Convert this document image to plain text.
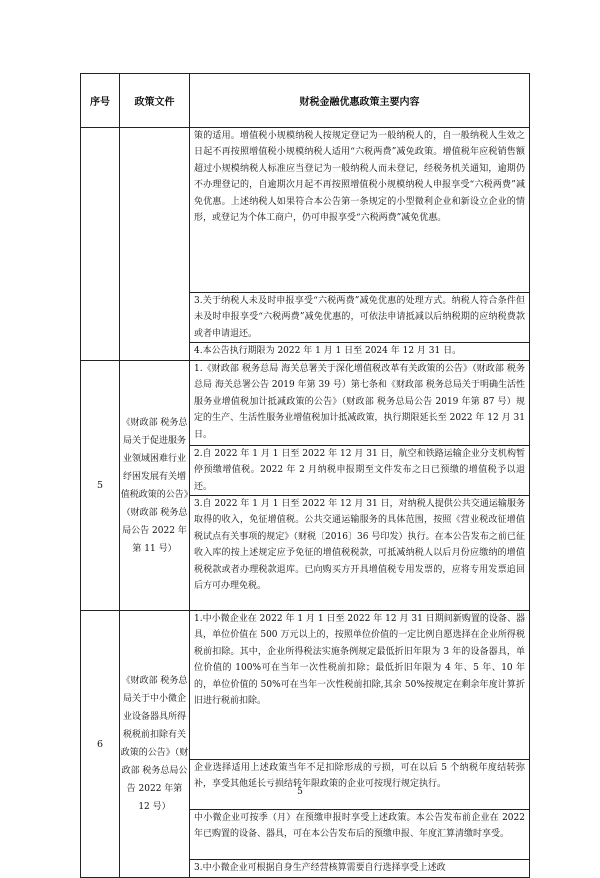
序号	政策文件	财税金融优惠政策主要内容

		策的适用。增值税小规模纳税人按规定登记为一般纳税人的，自一般纳税人生效之日起不再按照增值税小规模纳税人适用“六税两费”减免政策。增值税年应税销售额超过小规模纳税人标准应当登记为一般纳税人而未登记，经税务机关通知，逾期仍不办理登记的，自逾期次月起不再按照增值税小规模纳税人申报享受“六税两费”减免优惠。上述纳税人如果符合本公告第一条规定的小型微利企业和新设立企业的情形，或登记为个体工商户，仍可申报享受“六税两费”减免优惠。
3.关于纳税人未及时申报享受“六税两费”减免优惠的处理方式。纳税人符合条件但未及时申报享受“六税两费”减免优惠的，可依法申请抵减以后纳税期的应纳税费款或者申请退还。
4.本公告执行期限为 2022 年 1 月 1 日至 2024 年 12 月 31 日。

5	《财政部 税务总局关于促进服务业领域困难行业纾困发展有关增值税政策的公告》（财政部 税务总局公告 2022 年第 11 号）	1.《财政部 税务总局 海关总署关于深化增值税改革有关政策的公告》（财政部 税务总局 海关总署公告 2019 年第 39 号）第七条和《财政部 税务总局关于明确生活性服务业增值税加计抵减政策的公告》（财政部 税务总局公告 2019 年第 87 号）规定的生产、生活性服务业增值税加计抵减政策，执行期限延长至 2022 年 12 月 31 日。
2.自 2022 年 1 月 1 日至 2022 年 12 月 31 日，航空和铁路运输企业分支机构暂停预缴增值税。2022 年 2 月纳税申报期至文件发布之日已预缴的增值税予以退还。
3.自 2022 年 1 月 1 日至 2022 年 12 月 31 日，对纳税人提供公共交通运输服务取得的收入，免征增值税。公共交通运输服务的具体范围，按照《营业税改征增值税试点有关事项的规定》（财税〔2016〕36 号印发）执行。在本公告发布之前已征收入库的按上述规定应予免征的增值税税款，可抵减纳税人以后月份应缴纳的增值税税款或者办理税款退库。已向购买方开具增值税专用发票的，应将专用发票追回后方可办理免税。

6	《财政部 税务总局关于中小微企业设备器具所得税税前扣除有关政策的公告》（财政部 税务总局公告 2022 年第 12 号）	1.中小微企业在 2022 年 1 月 1 日至 2022 年 12 月 31 日期间新购置的设备、器具，单位价值在 500 万元以上的，按照单位价值的一定比例自愿选择在企业所得税税前扣除。其中，企业所得税法实施条例规定最低折旧年限为 3 年的设备器具，单位价值的 100%可在当年一次性税前扣除；最低折旧年限为 4 年、5 年、10 年的，单位价值的 50%可在当年一次性税前扣除,其余 50%按规定在剩余年度计算折旧进行税前扣除。
企业选择适用上述政策当年不足扣除形成的亏损，可在以后 5 个纳税年度结转弥补，享受其他延长亏损结转年限政策的企业可按现行规定执行。
中小微企业可按季（月）在预缴申报时享受上述政策。本公告发布前企业在 2022 年已购置的设备、器具，可在本公告发布后的预缴申报、年度汇算清缴时享受。
3.中小微企业可根据自身生产经营核算需要自行选择享受上述政
5
